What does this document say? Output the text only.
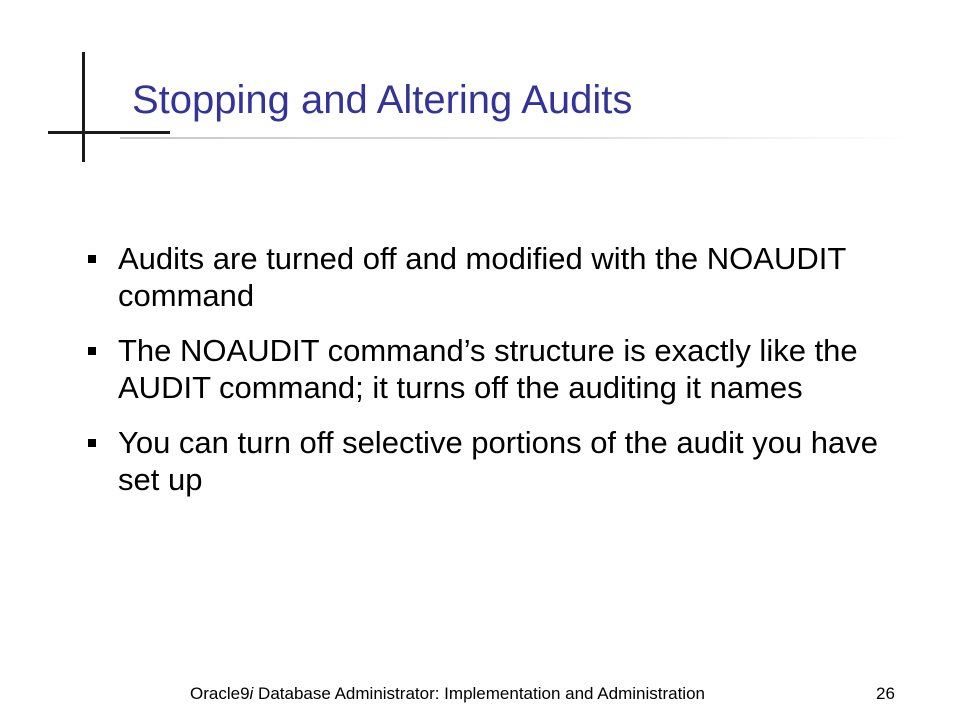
Stopping and Altering Audits
Audits are turned off and modified with the NOAUDIT command
The NOAUDIT command’s structure is exactly like the AUDIT command; it turns off the auditing it names
You can turn off selective portions of the audit you have set up
Oracle9i Database Administrator: Implementation and Administration	26
